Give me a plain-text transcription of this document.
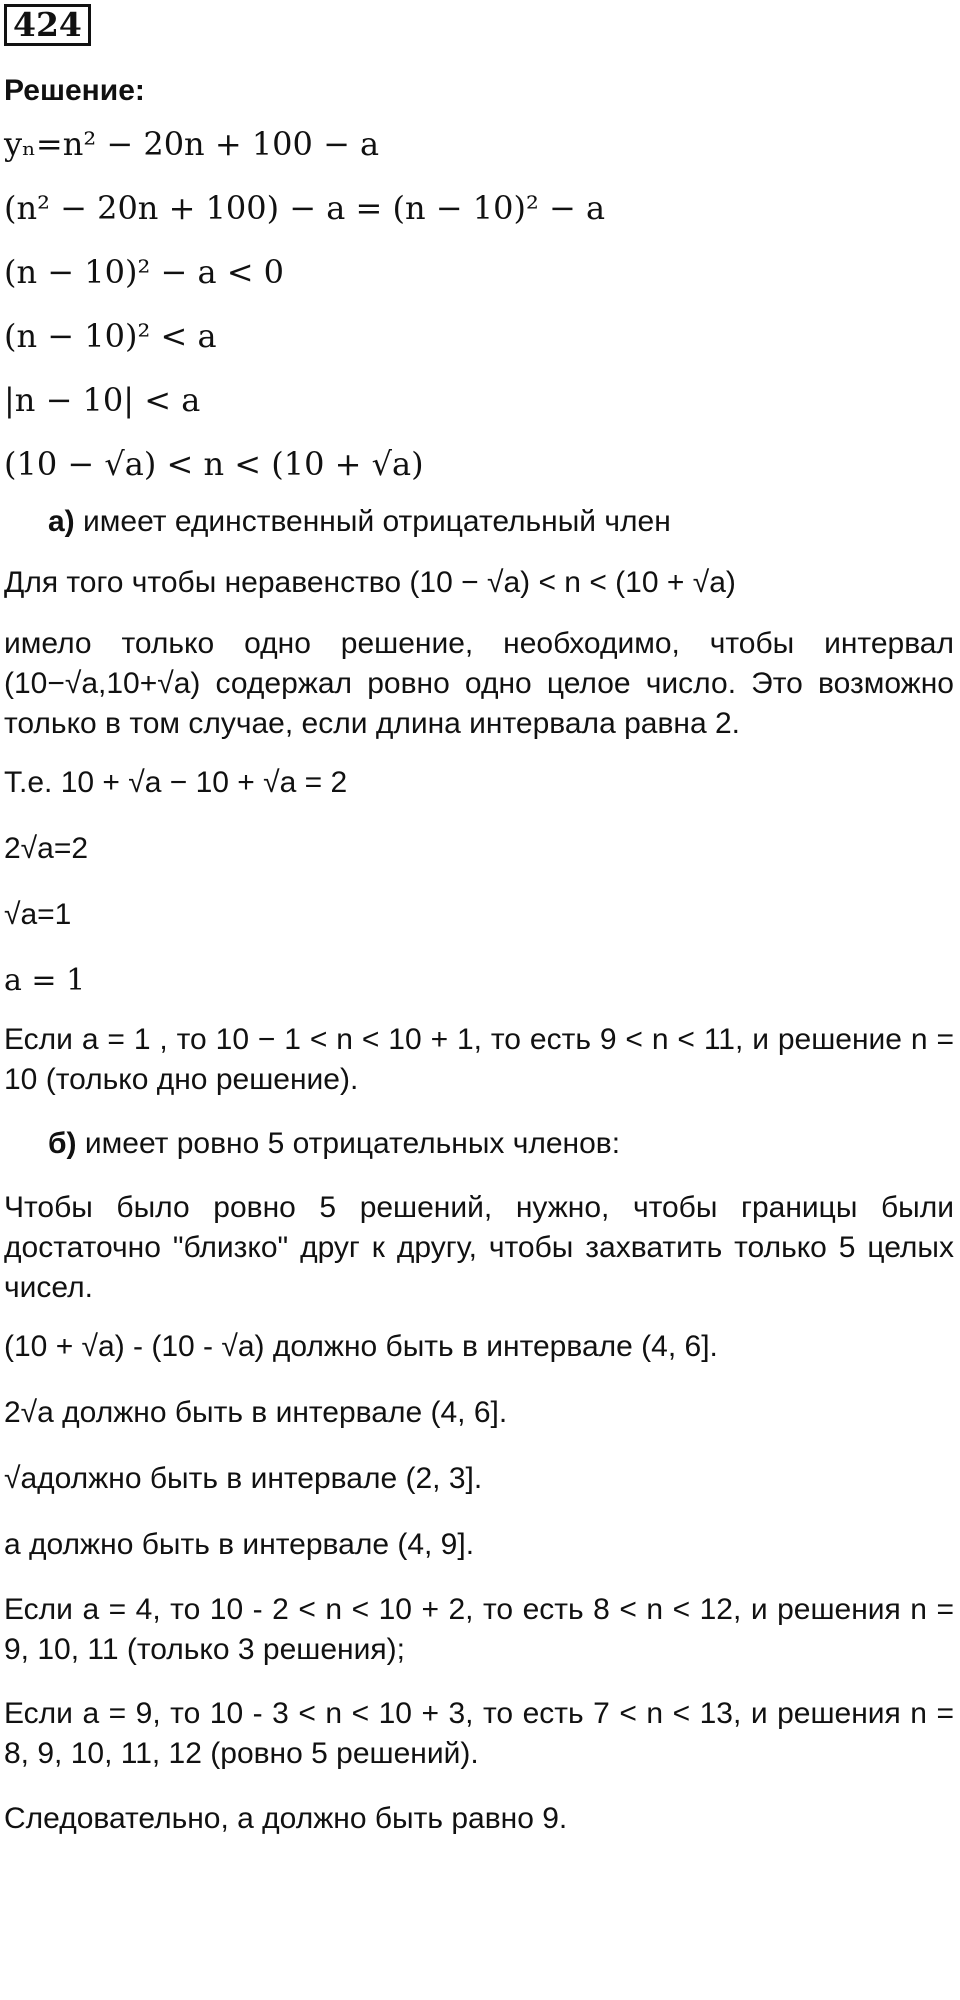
424
Решение:
yₙ=n² − 20n + 100 − a
(n² − 20n + 100) − a = (n − 10)² − a
(n − 10)² − a < 0
(n − 10)² < a
|n − 10| < a
(10 − √a) < n < (10 + √a)
а) имеет единственный отрицательный член
Для того чтобы неравенство (10 − √a) < n < (10 + √a)
имело только одно решение, необходимо, чтобы интервал (10−√a,10+√a) содержал ровно одно целое число. Это возможно только в том случае, если длина интервала равна 2.
Т.е. 10 + √a − 10 + √a = 2
2√a=2
√a=1
a = 1
Если a = 1 , то 10 − 1 < n < 10 + 1, то есть 9 < n < 11, и решение n = 10 (только дно решение).
б) имеет ровно 5 отрицательных членов:
Чтобы было ровно 5 решений, нужно, чтобы границы были достаточно "близко" друг к другу, чтобы захватить только 5 целых чисел.
(10 + √a) - (10 - √a) должно быть в интервале (4, 6].
2√a должно быть в интервале (4, 6].
√aдолжно быть в интервале (2, 3].
a должно быть в интервале (4, 9].
Если a = 4, то 10 - 2 < n < 10 + 2, то есть 8 < n < 12, и решения n = 9, 10, 11 (только 3 решения);
Если a = 9, то 10 - 3 < n < 10 + 3, то есть 7 < n < 13, и решения n = 8, 9, 10, 11, 12 (ровно 5 решений).
Следовательно, a должно быть равно 9.
